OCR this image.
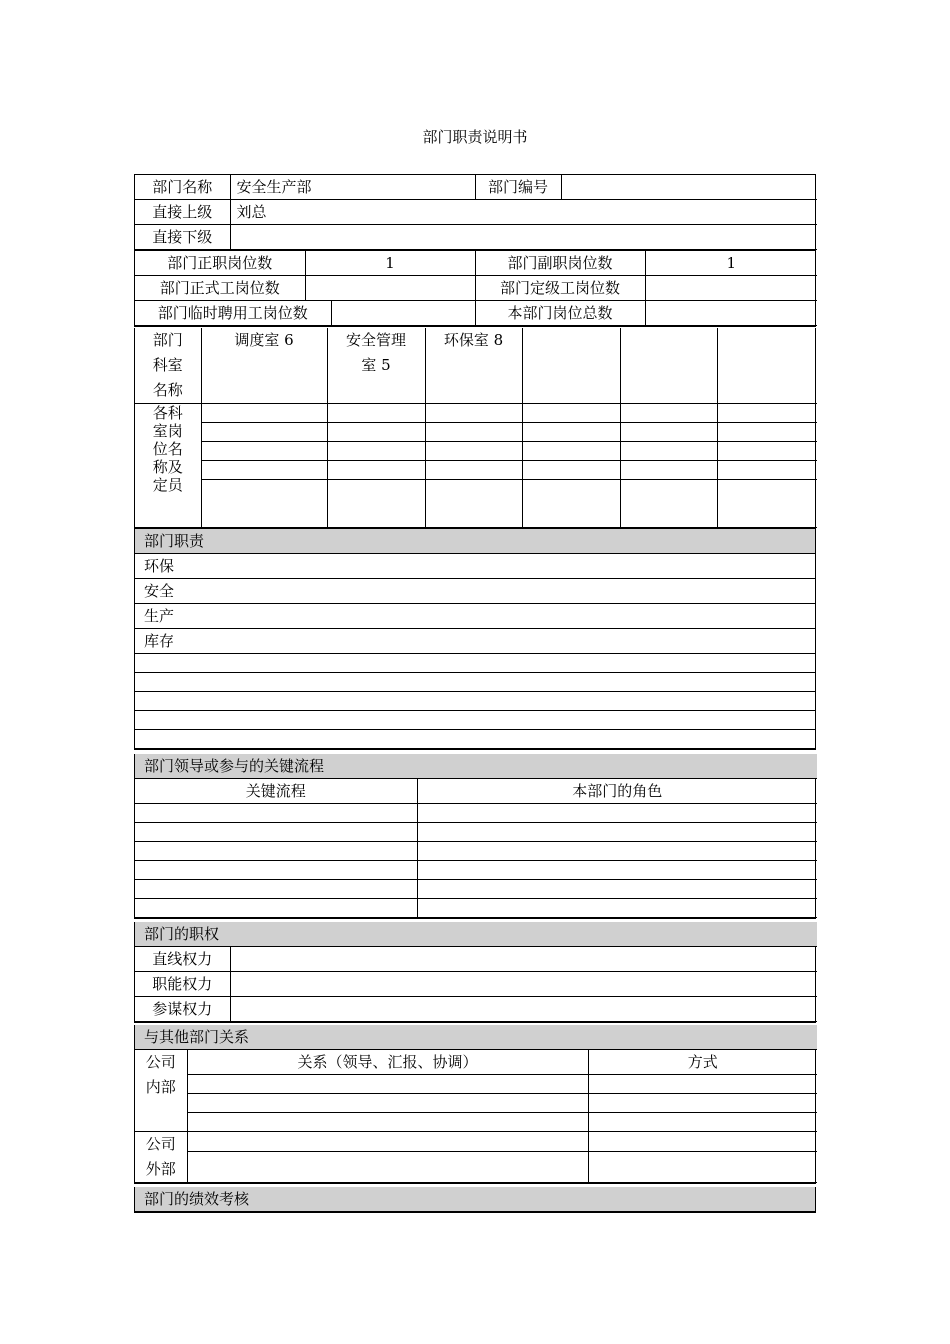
部门职责说明书
部门名称	安全生产部	部门编号	
直接上级	刘总		
直接下级			
部门正职岗位数	1	部门副职岗位数	1
部门正式工岗位数		部门定级工岗位数	
部门临时聘用工岗位数		本部门岗位总数	
部门科室名称	调度室 6	安全管理室 5	环保室 8			
各科室岗位名称及定员						

部门职责
环保
安全
生产
库存

部门领导或参与的关键流程	
关键流程	本部门的角色

部门的职权	
直线权力	
职能权力	
参谋权力	
与其他部门关系		
公司内部	关系（领导、汇报、协调）	方式

公司外部		

部门的绩效考核
